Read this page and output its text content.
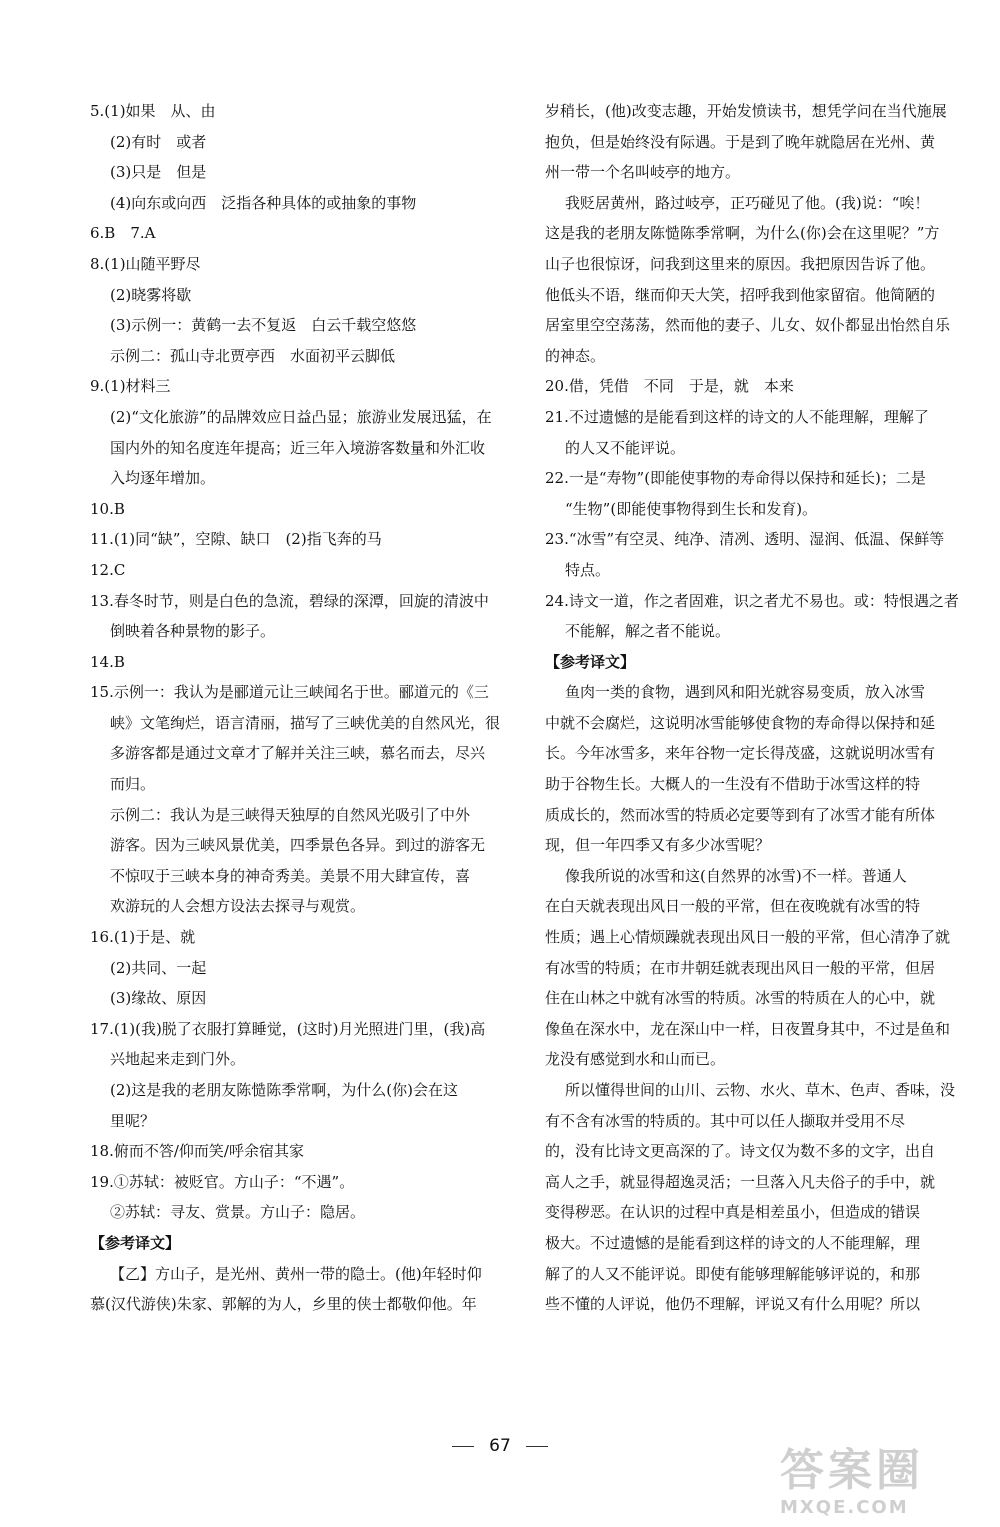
5.(1)如果　从、由
(2)有时　或者
(3)只是　但是
(4)向东或向西　泛指各种具体的或抽象的事物
6.B　7.A
8.(1)山随平野尽
(2)晓雾将歇
(3)示例一：黄鹤一去不复返　白云千载空悠悠
示例二：孤山寺北贾亭西　水面初平云脚低
9.(1)材料三
(2)“文化旅游”的品牌效应日益凸显；旅游业发展迅猛，在
国内外的知名度连年提高；近三年入境游客数量和外汇收
入均逐年增加。
10.B
11.(1)同“缺”，空隙、缺口　(2)指飞奔的马
12.C
13.春冬时节，则是白色的急流，碧绿的深潭，回旋的清波中
倒映着各种景物的影子。
14.B
15.示例一：我认为是郦道元让三峡闻名于世。郦道元的《三
峡》文笔绚烂，语言清丽，描写了三峡优美的自然风光，很
多游客都是通过文章才了解并关注三峡，慕名而去，尽兴
而归。
示例二：我认为是三峡得天独厚的自然风光吸引了中外
游客。因为三峡风景优美，四季景色各异。到过的游客无
不惊叹于三峡本身的神奇秀美。美景不用大肆宣传，喜
欢游玩的人会想方设法去探寻与观赏。
16.(1)于是、就
(2)共同、一起
(3)缘故、原因
17.(1)(我)脱了衣服打算睡觉，(这时)月光照进门里，(我)高
兴地起来走到门外。
(2)这是我的老朋友陈慥陈季常啊，为什么(你)会在这
里呢？
18.俯而不答/仰而笑/呼余宿其家
19.①苏轼：被贬官。方山子：“不遇”。
②苏轼：寻友、赏景。方山子：隐居。
【参考译文】
【乙】方山子，是光州、黄州一带的隐士。(他)年轻时仰
慕(汉代游侠)朱家、郭解的为人，乡里的侠士都敬仰他。年
岁稍长，(他)改变志趣，开始发愤读书，想凭学问在当代施展
抱负，但是始终没有际遇。于是到了晚年就隐居在光州、黄
州一带一个名叫岐亭的地方。
我贬居黄州，路过岐亭，正巧碰见了他。(我)说：“唉！
这是我的老朋友陈慥陈季常啊，为什么(你)会在这里呢？”方
山子也很惊讶，问我到这里来的原因。我把原因告诉了他。
他低头不语，继而仰天大笑，招呼我到他家留宿。他简陋的
居室里空空荡荡，然而他的妻子、儿女、奴仆都显出怡然自乐
的神态。
20.借，凭借　不同　于是，就　本来
21.不过遗憾的是能看到这样的诗文的人不能理解，理解了
的人又不能评说。
22.一是“寿物”(即能使事物的寿命得以保持和延长)；二是
“生物”(即能使事物得到生长和发育)。
23.“冰雪”有空灵、纯净、清冽、透明、湿润、低温、保鲜等
特点。
24.诗文一道，作之者固难，识之者尤不易也。或：特恨遇之者
不能解，解之者不能说。
【参考译文】
鱼肉一类的食物，遇到风和阳光就容易变质，放入冰雪
中就不会腐烂，这说明冰雪能够使食物的寿命得以保持和延
长。今年冰雪多，来年谷物一定长得茂盛，这就说明冰雪有
助于谷物生长。大概人的一生没有不借助于冰雪这样的特
质成长的，然而冰雪的特质必定要等到有了冰雪才能有所体
现，但一年四季又有多少冰雪呢？
像我所说的冰雪和这(自然界的冰雪)不一样。普通人
在白天就表现出风日一般的平常，但在夜晚就有冰雪的特
性质；遇上心情烦躁就表现出风日一般的平常，但心清净了就
有冰雪的特质；在市井朝廷就表现出风日一般的平常，但居
住在山林之中就有冰雪的特质。冰雪的特质在人的心中，就
像鱼在深水中，龙在深山中一样，日夜置身其中，不过是鱼和
龙没有感觉到水和山而已。
所以懂得世间的山川、云物、水火、草木、色声、香味，没
有不含有冰雪的特质的。其中可以任人撷取并受用不尽
的，没有比诗文更高深的了。诗文仅为数不多的文字，出自
高人之手，就显得超逸灵活；一旦落入凡夫俗子的手中，就
变得秽恶。在认识的过程中真是相差虽小，但造成的错误
极大。不过遗憾的是能看到这样的诗文的人不能理解，理
解了的人又不能评说。即使有能够理解能够评说的，和那
些不懂的人评说，他仍不理解，评说又有什么用呢？所以
67	答案圈
MXQE.COM
